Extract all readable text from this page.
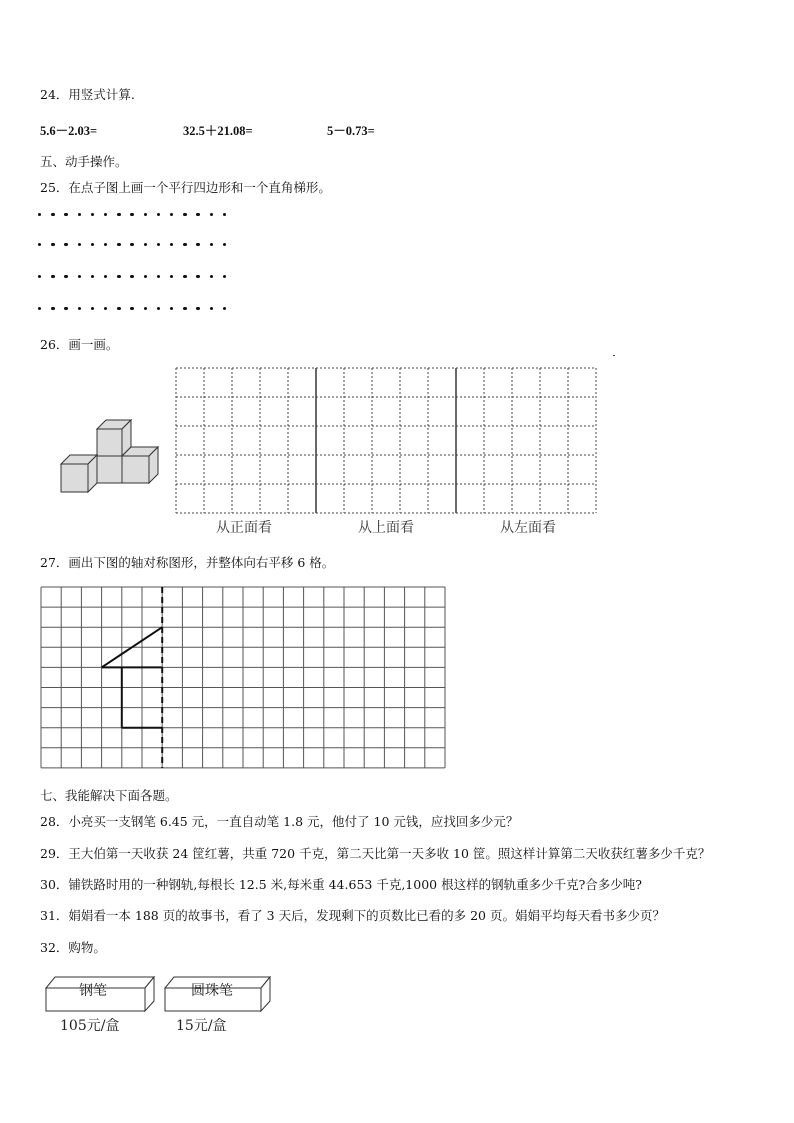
24．用竖式计算.
5.6－2.03=	32.5＋21.08=	5－0.73=
五、动手操作。
25．在点子图上画一个平行四边形和一个直角梯形。
26．画一画。
从正面看	从上面看	从左面看
27．画出下图的轴对称图形，并整体向右平移 6 格。
七、我能解决下面各题。
28．小亮买一支钢笔 6.45 元，一直自动笔 1.8 元，他付了 10 元钱，应找回多少元？
29．王大伯第一天收获 24 筐红薯，共重 720 千克，第二天比第一天多收 10 筐。照这样计算第二天收获红薯多少千克？
30．铺铁路时用的一种钢轨,每根长 12.5 米,每米重 44.653 千克,1000 根这样的钢轨重多少千克?合多少吨?
31．娟娟看一本 188 页的故事书，看了 3 天后，发现剩下的页数比已看的多 20 页。娟娟平均每天看书多少页？
32．购物。
钢笔	圆珠笔
105元/盒	15元/盒
